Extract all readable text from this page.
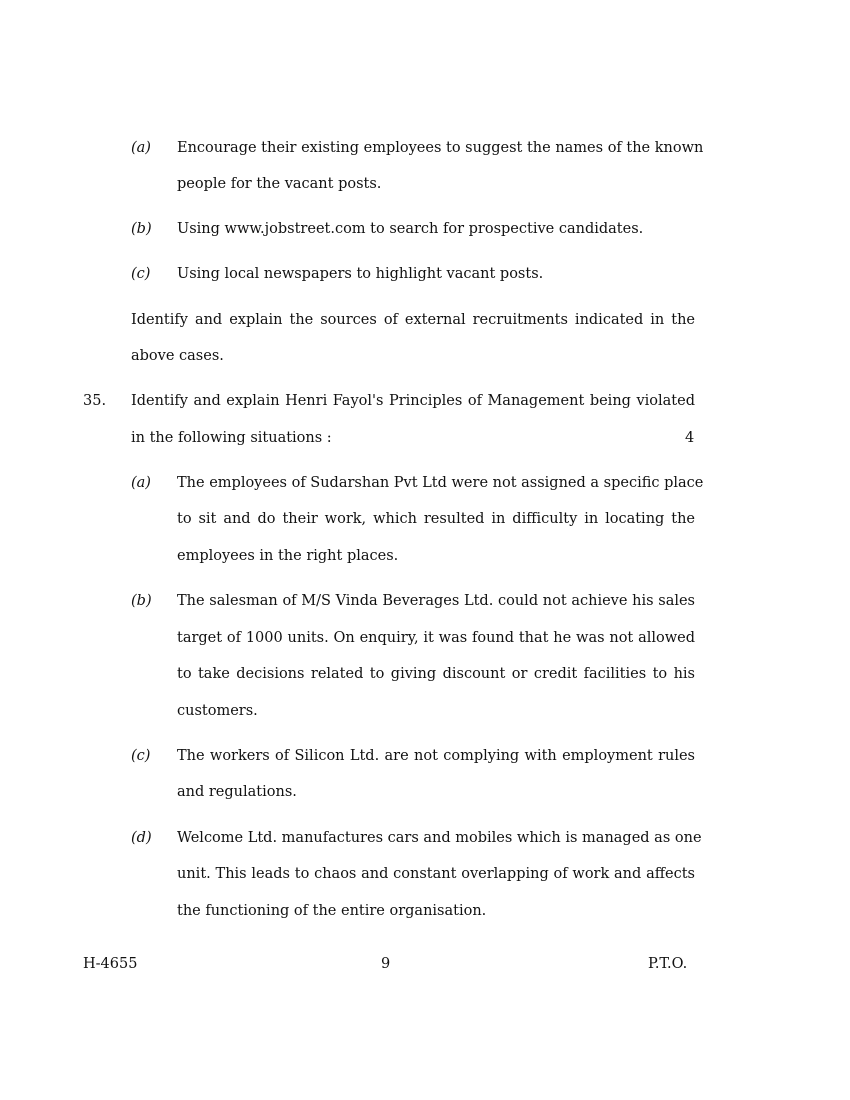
(a) Encourage their existing employees to suggest the names of the known
people for the vacant posts.
(b) Using www.jobstreet.com to search for prospective candidates.
(c) Using local newspapers to highlight vacant posts.
Identify and explain the sources of external recruitments indicated in the
above cases.
35. Identify and explain Henri Fayol's Principles of Management being violated
in the following situations :	4
(a) The employees of Sudarshan Pvt Ltd were not assigned a specific place
to sit and do their work, which resulted in difficulty in locating the
employees in the right places.
(b) The salesman of M/S Vinda Beverages Ltd. could not achieve his sales
target of 1000 units. On enquiry, it was found that he was not allowed
to take decisions related to giving discount or credit facilities to his
customers.
(c) The workers of Silicon Ltd. are not complying with employment rules
and regulations.
(d) Welcome Ltd. manufactures cars and mobiles which is managed as one
unit. This leads to chaos and constant overlapping of work and affects
the functioning of the entire organisation.
H-4655	9	P.T.O.
